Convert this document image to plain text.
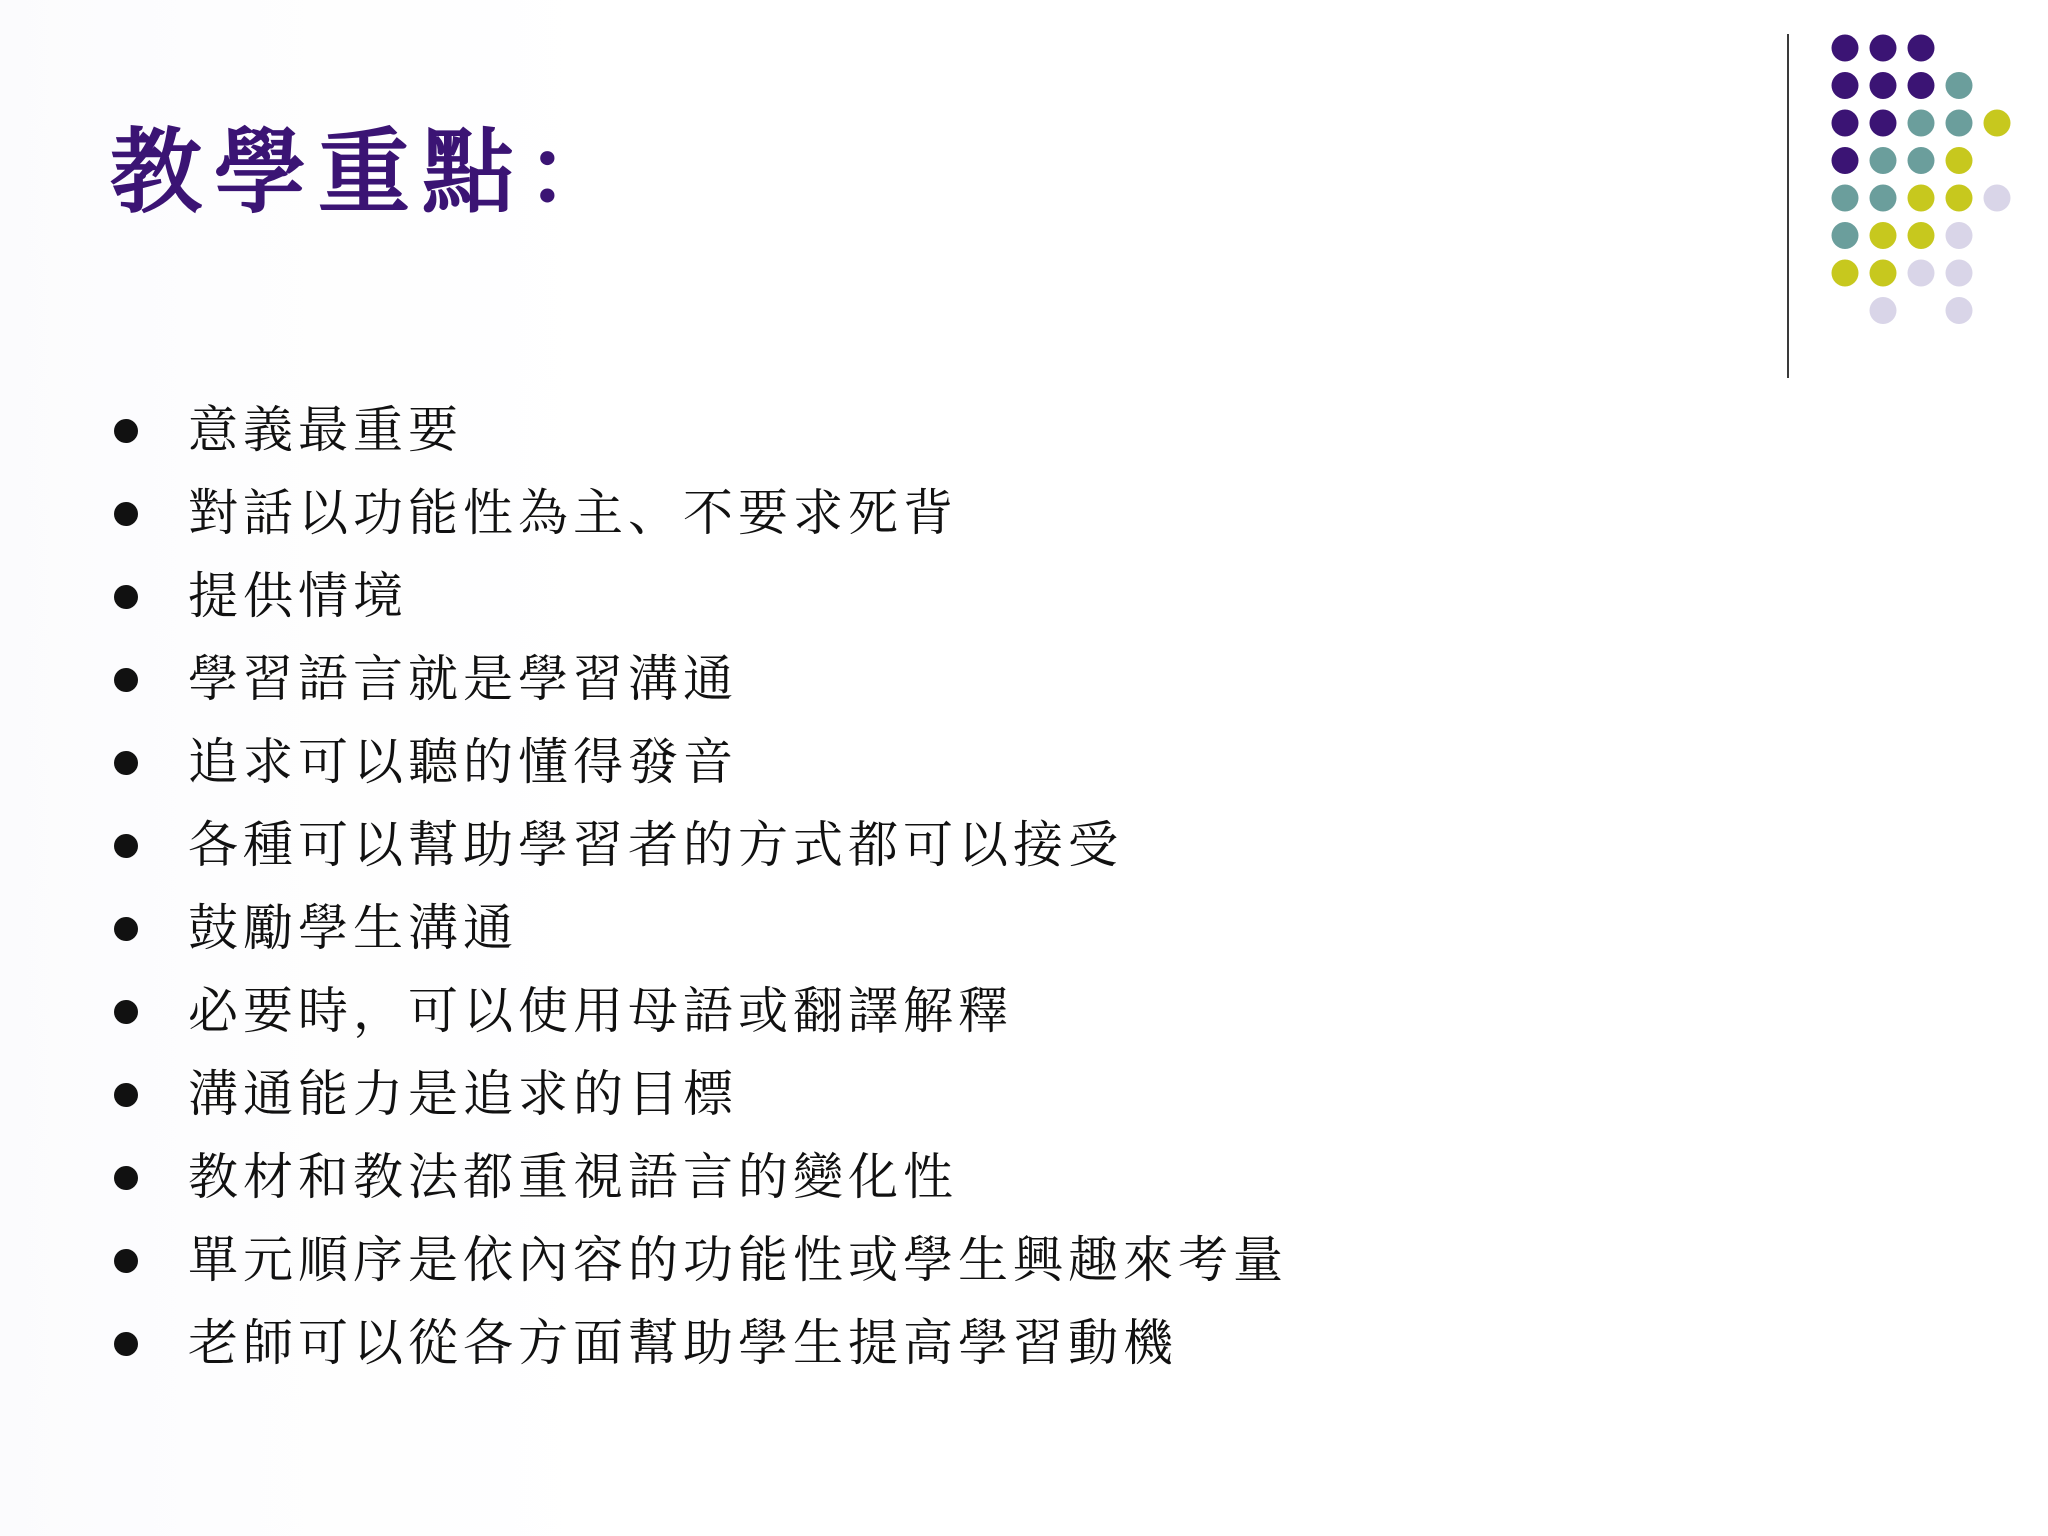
教學重點：
意義最重要
對話以功能性為主、不要求死背
提供情境
學習語言就是學習溝通
追求可以聽的懂得發音
各種可以幫助學習者的方式都可以接受
鼓勵學生溝通
必要時，可以使用母語或翻譯解釋
溝通能力是追求的目標
教材和教法都重視語言的變化性
單元順序是依內容的功能性或學生興趣來考量
老師可以從各方面幫助學生提高學習動機
